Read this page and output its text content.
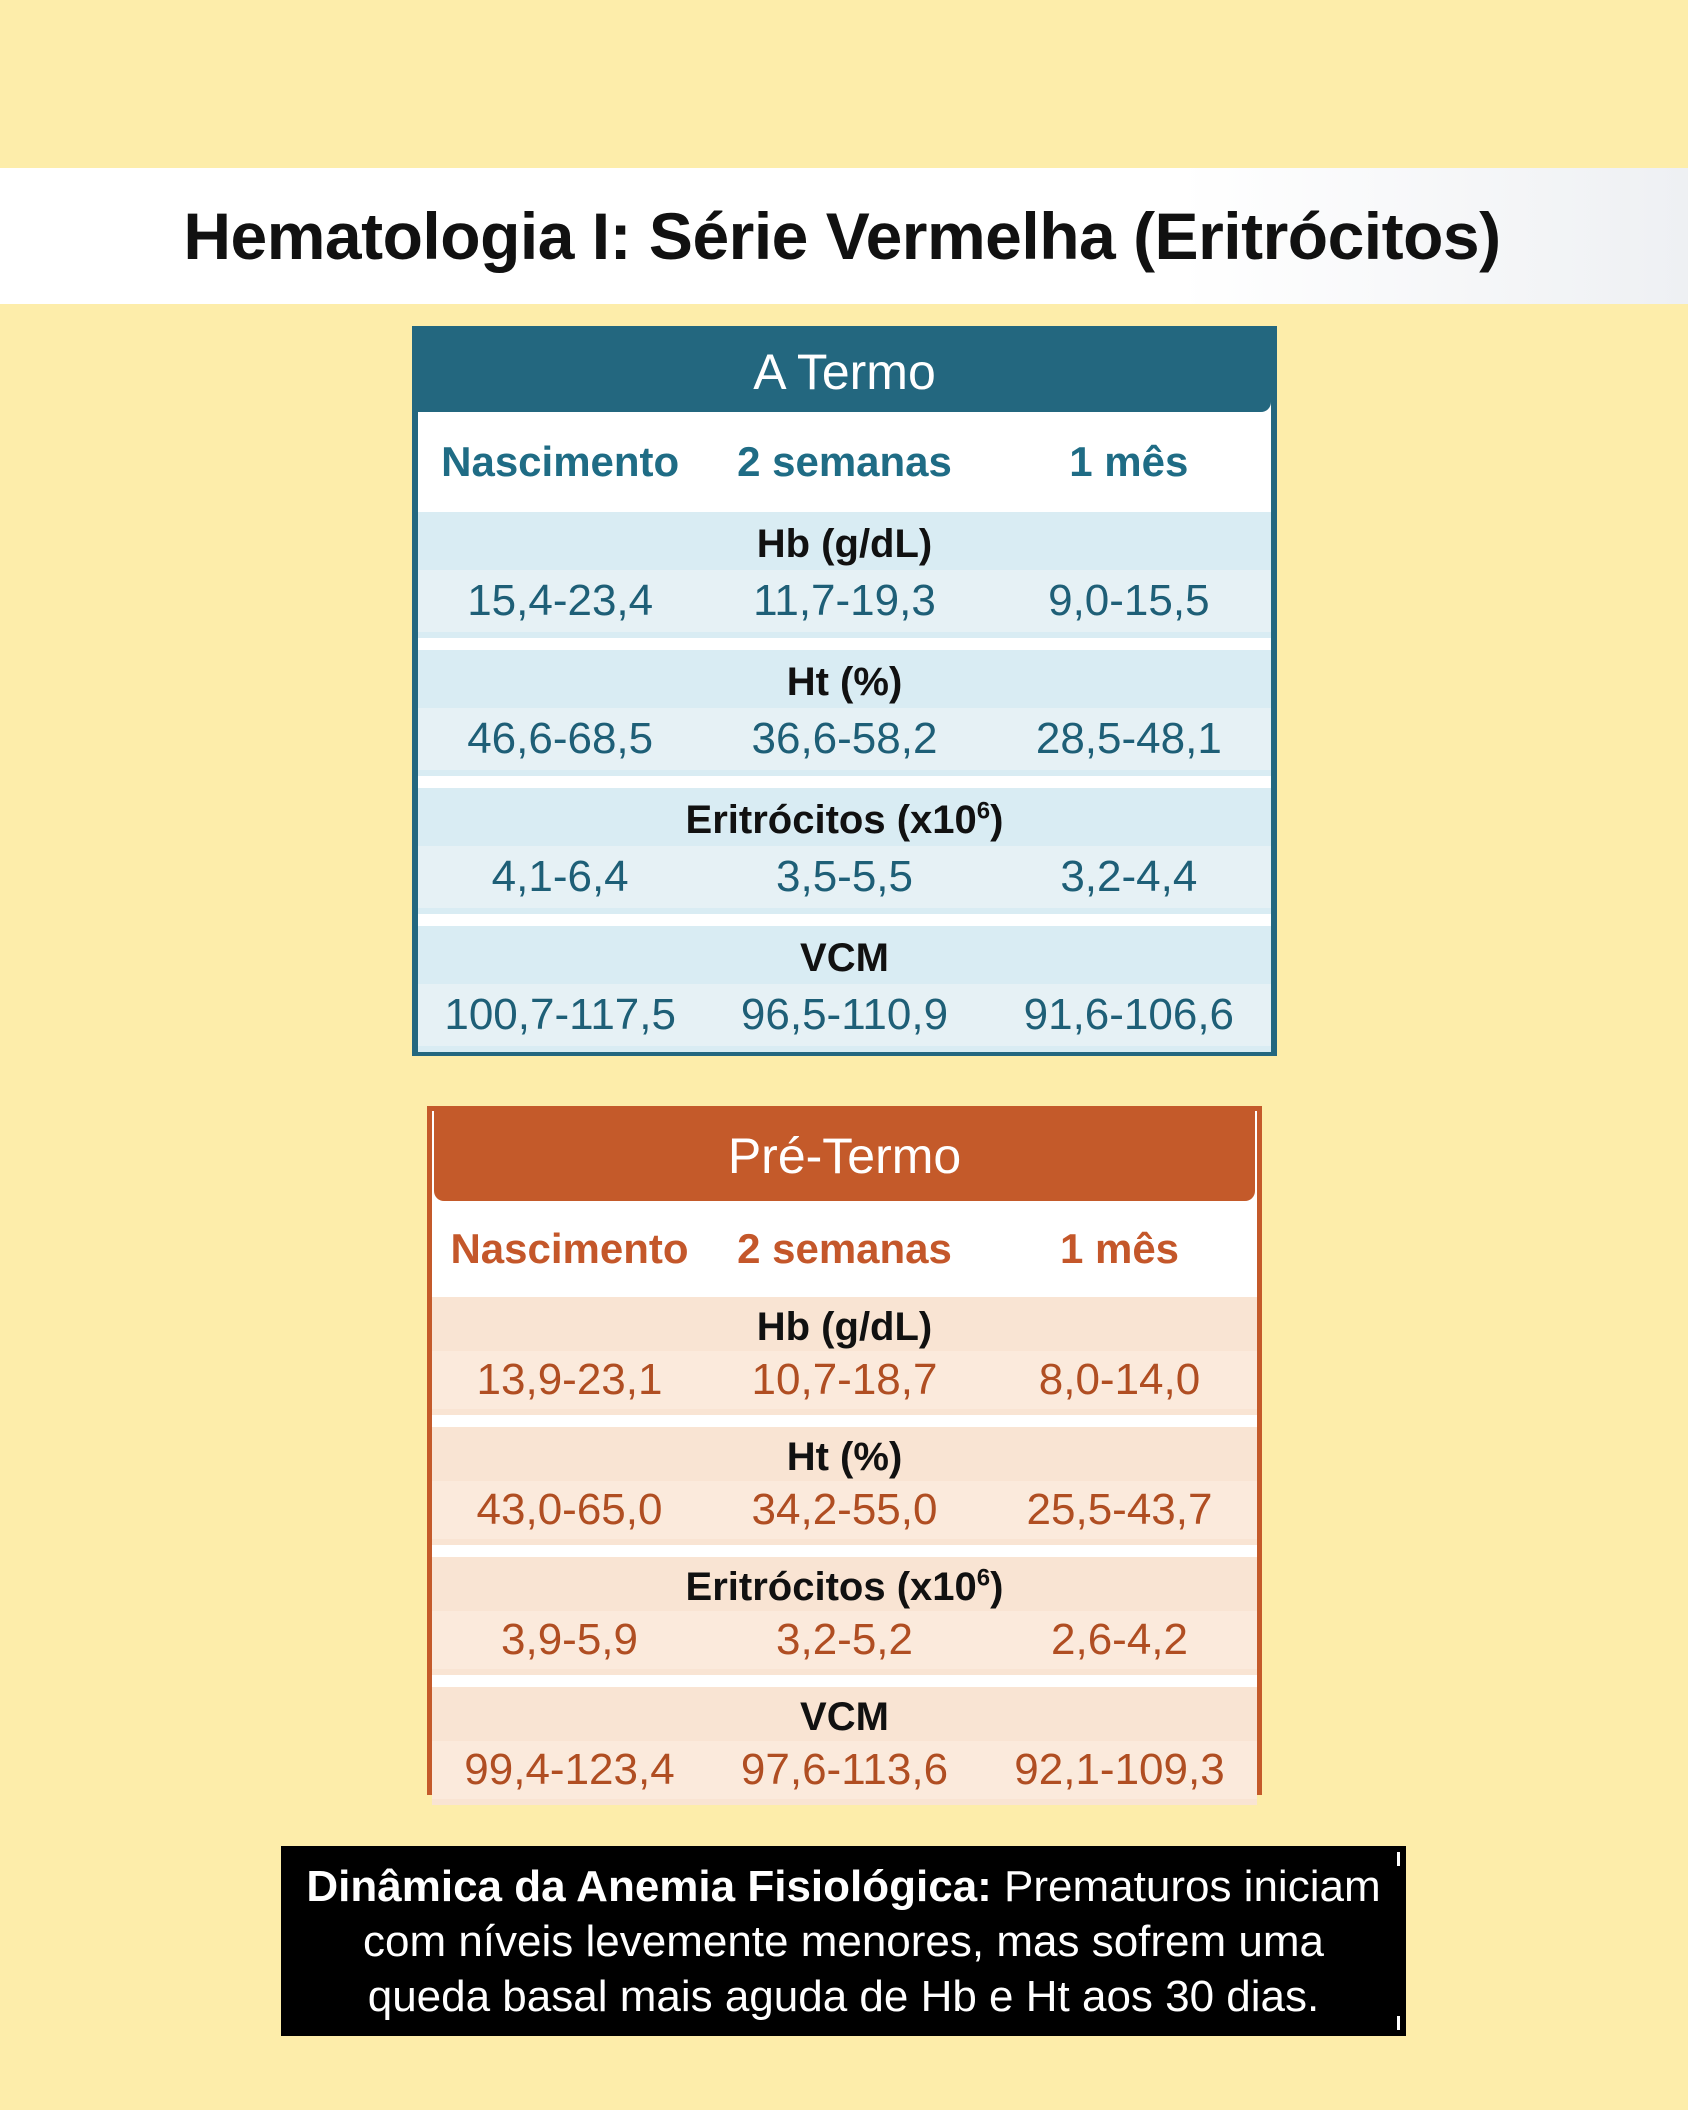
Hematologia I: Série Vermelha (Eritrócitos)
A Termo
Nascimento	2 semanas	1 mês
Hb (g/dL)
15,4-23,4	11,7-19,3	9,0-15,5
Ht (%)
46,6-68,5	36,6-58,2	28,5-48,1
Eritrócitos $(x10^6)$
4,1-6,4	3,5-5,5	3,2-4,4
VCM
100,7-117,5	96,5-110,9	91,6-106,6
Pré-Termo
Nascimento	2 semanas	1 mês
Hb (g/dL)
13,9-23,1	10,7-18,7	8,0-14,0
Ht (%)
43,0-65,0	34,2-55,0	25,5-43,7
Eritrócitos $(x10^6)$
3,9-5,9	3,2-5,2	2,6-4,2
VCM
99,4-123,4	97,6-113,6	92,1-109,3
Dinâmica da Anemia Fisiológica: Prematuros iniciam
com níveis levemente menores, mas sofrem uma
queda basal mais aguda de Hb e Ht aos 30 dias.
